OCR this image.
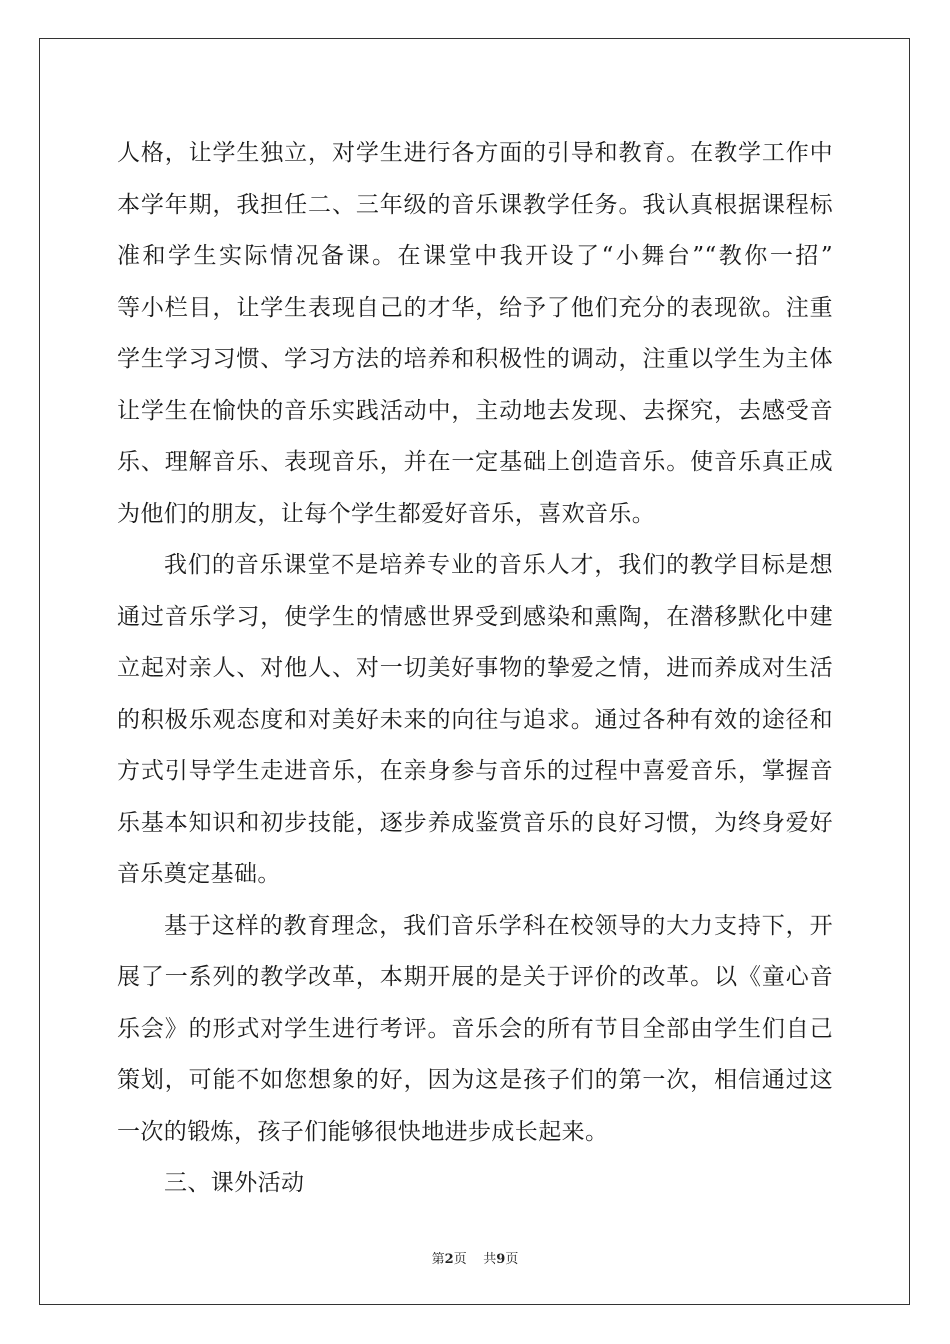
人格，让学生独立，对学生进行各方面的引导和教育。在教学工作中
本学年期，我担任二、三年级的音乐课教学任务。我认真根据课程标
准和学生实际情况备课。在课堂中我开设了“小舞台”“教你一招”
等小栏目，让学生表现自己的才华，给予了他们充分的表现欲。注重
学生学习习惯、学习方法的培养和积极性的调动，注重以学生为主体
让学生在愉快的音乐实践活动中，主动地去发现、去探究，去感受音
乐、理解音乐、表现音乐，并在一定基础上创造音乐。使音乐真正成
为他们的朋友，让每个学生都爱好音乐，喜欢音乐。
我们的音乐课堂不是培养专业的音乐人才，我们的教学目标是想
通过音乐学习，使学生的情感世界受到感染和熏陶，在潜移默化中建
立起对亲人、对他人、对一切美好事物的挚爱之情，进而养成对生活
的积极乐观态度和对美好未来的向往与追求。通过各种有效的途径和
方式引导学生走进音乐，在亲身参与音乐的过程中喜爱音乐，掌握音
乐基本知识和初步技能，逐步养成鉴赏音乐的良好习惯，为终身爱好
音乐奠定基础。
基于这样的教育理念，我们音乐学科在校领导的大力支持下，开
展了一系列的教学改革，本期开展的是关于评价的改革。以《童心音
乐会》的形式对学生进行考评。音乐会的所有节目全部由学生们自己
策划，可能不如您想象的好，因为这是孩子们的第一次，相信通过这
一次的锻炼，孩子们能够很快地进步成长起来。
三、课外活动
第2页 共9页
